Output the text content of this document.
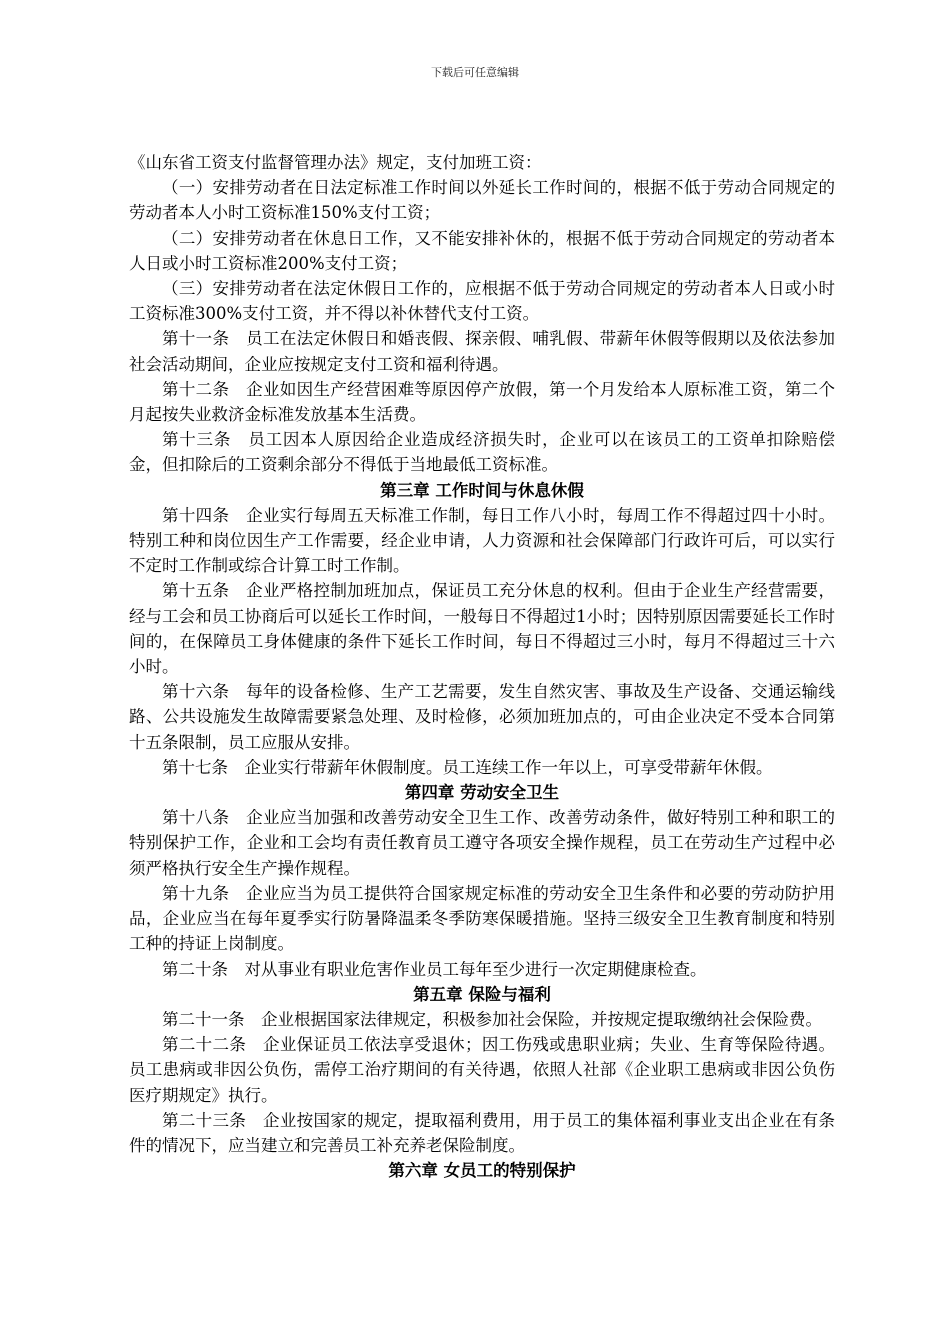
下载后可任意编辑

《山东省工资支付监督管理办法》规定，支付加班工资：

（一）安排劳动者在日法定标准工作时间以外延长工作时间的，根据不低于劳动合同规定的劳动者本人小时工资标准150%支付工资；

（二）安排劳动者在休息日工作，又不能安排补休的，根据不低于劳动合同规定的劳动者本人日或小时工资标准200%支付工资；

（三）安排劳动者在法定休假日工作的，应根据不低于劳动合同规定的劳动者本人日或小时工资标准300%支付工资，并不得以补休替代支付工资。

第十一条　员工在法定休假日和婚丧假、探亲假、哺乳假、带薪年休假等假期以及依法参加社会活动期间，企业应按规定支付工资和福利待遇。

第十二条　企业如因生产经营困难等原因停产放假，第一个月发给本人原标准工资，第二个月起按失业救济金标准发放基本生活费。

第十三条　员工因本人原因给企业造成经济损失时，企业可以在该员工的工资单扣除赔偿金，但扣除后的工资剩余部分不得低于当地最低工资标准。

第三章 工作时间与休息休假

第十四条　企业实行每周五天标准工作制，每日工作八小时，每周工作不得超过四十小时。特别工种和岗位因生产工作需要，经企业申请，人力资源和社会保障部门行政许可后，可以实行不定时工作制或综合计算工时工作制。

第十五条　企业严格控制加班加点，保证员工充分休息的权利。但由于企业生产经营需要，经与工会和员工协商后可以延长工作时间，一般每日不得超过1小时；因特别原因需要延长工作时间的，在保障员工身体健康的条件下延长工作时间，每日不得超过三小时，每月不得超过三十六小时。

第十六条　每年的设备检修、生产工艺需要，发生自然灾害、事故及生产设备、交通运输线路、公共设施发生故障需要紧急处理、及时检修，必须加班加点的，可由企业决定不受本合同第十五条限制，员工应服从安排。

第十七条　企业实行带薪年休假制度。员工连续工作一年以上，可享受带薪年休假。

第四章 劳动安全卫生

第十八条　企业应当加强和改善劳动安全卫生工作、改善劳动条件，做好特别工种和职工的特别保护工作，企业和工会均有责任教育员工遵守各项安全操作规程，员工在劳动生产过程中必须严格执行安全生产操作规程。

第十九条　企业应当为员工提供符合国家规定标准的劳动安全卫生条件和必要的劳动防护用品，企业应当在每年夏季实行防暑降温柔冬季防寒保暖措施。坚持三级安全卫生教育制度和特别工种的持证上岗制度。

第二十条　对从事业有职业危害作业员工每年至少进行一次定期健康检查。

第五章 保险与福利

第二十一条　企业根据国家法律规定，积极参加社会保险，并按规定提取缴纳社会保险费。

第二十二条　企业保证员工依法享受退休；因工伤残或患职业病；失业、生育等保险待遇。员工患病或非因公负伤，需停工治疗期间的有关待遇，依照人社部《企业职工患病或非因公负伤医疗期规定》执行。

第二十三条　企业按国家的规定，提取福利费用，用于员工的集体福利事业支出企业在有条件的情况下，应当建立和完善员工补充养老保险制度。

第六章 女员工的特别保护
